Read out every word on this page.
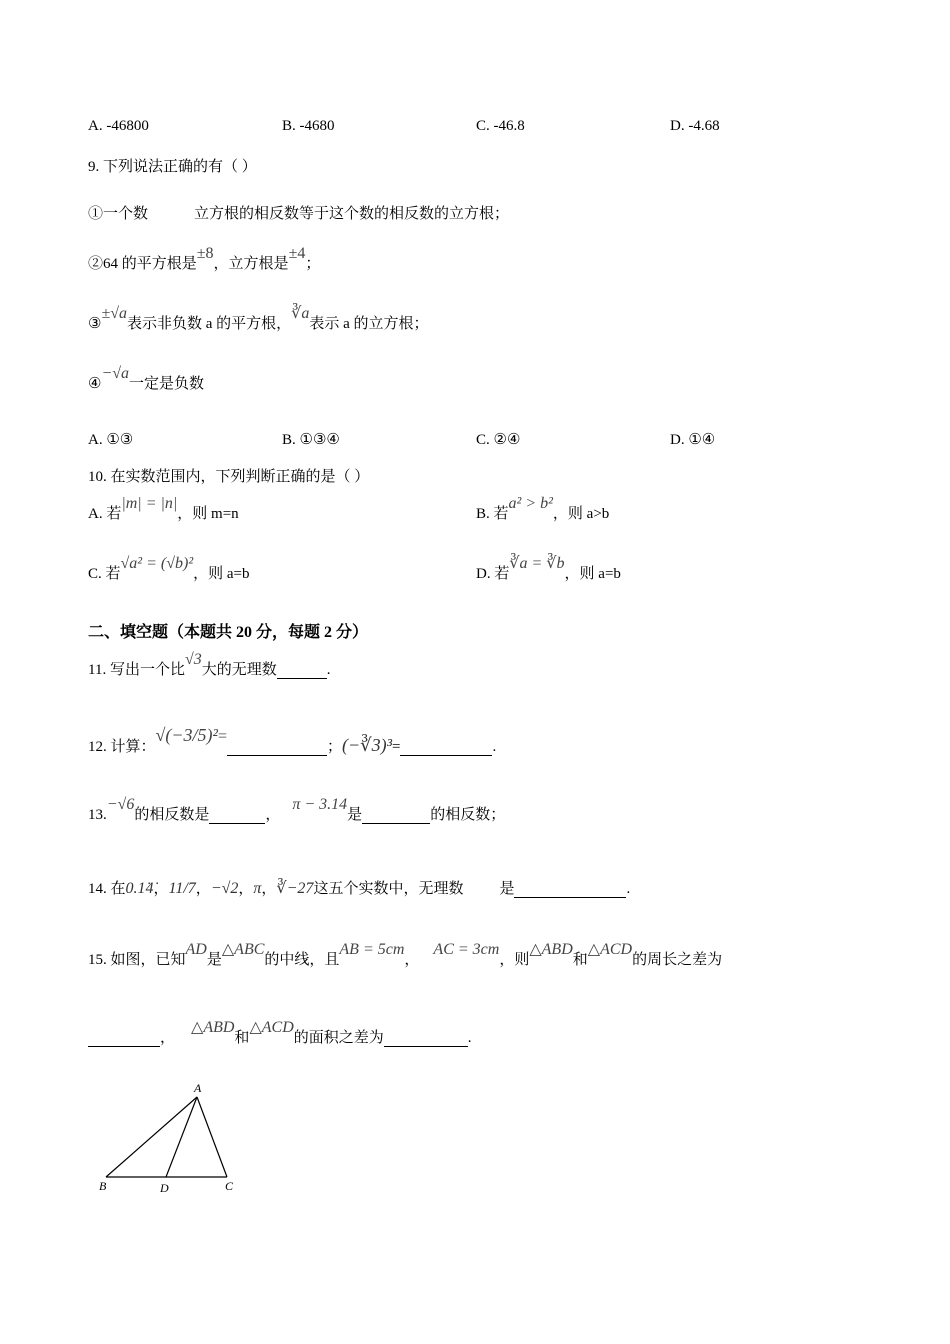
A. -46800	B. -4680	C. -46.8	D. -4.68
9. 下列说法正确的有（ ）
①一个数	立方根的相反数等于这个数的相反数的立方根；
②64 的平方根是
±8
，立方根是
±4
；
③
±√a
表示非负数 a 的平方根，
∛a
表示 a 的立方根；
④
−√a
一定是负数
A. ①③	B. ①③④	C. ②④	D. ①④
10. 在实数范围内，下列判断正确的是（ ）
A. 若
|m| = |n|
，则 m=n	B. 若
a² > b²
，则 a>b
C. 若
√a² = (√b)²
，则 a=b	D. 若
∛a = ∛b
，则 a=b
二、填空题（本题共 20 分，每题 2 分）
11. 写出一个比
√3
大的无理数	.
12. 计算：
√(−3/5)² =
； (−∛3)³ =	.
13.
−√6
的相反数是	，
π − 3.14
是	的相反数；
14. 在 0.1̇4̇ ， 11/7 ， −√2 ， π ， ∛−27 这五个实数中，无理数 是	.
15. 如图，已知
AD
是
△ABC
的中线，且
AB = 5cm
，
AC = 3cm
，则
△ABD
和
△ACD
的周长之差为
，
△ABD
和
△ACD
的面积之差为	.
A
B	D	C
